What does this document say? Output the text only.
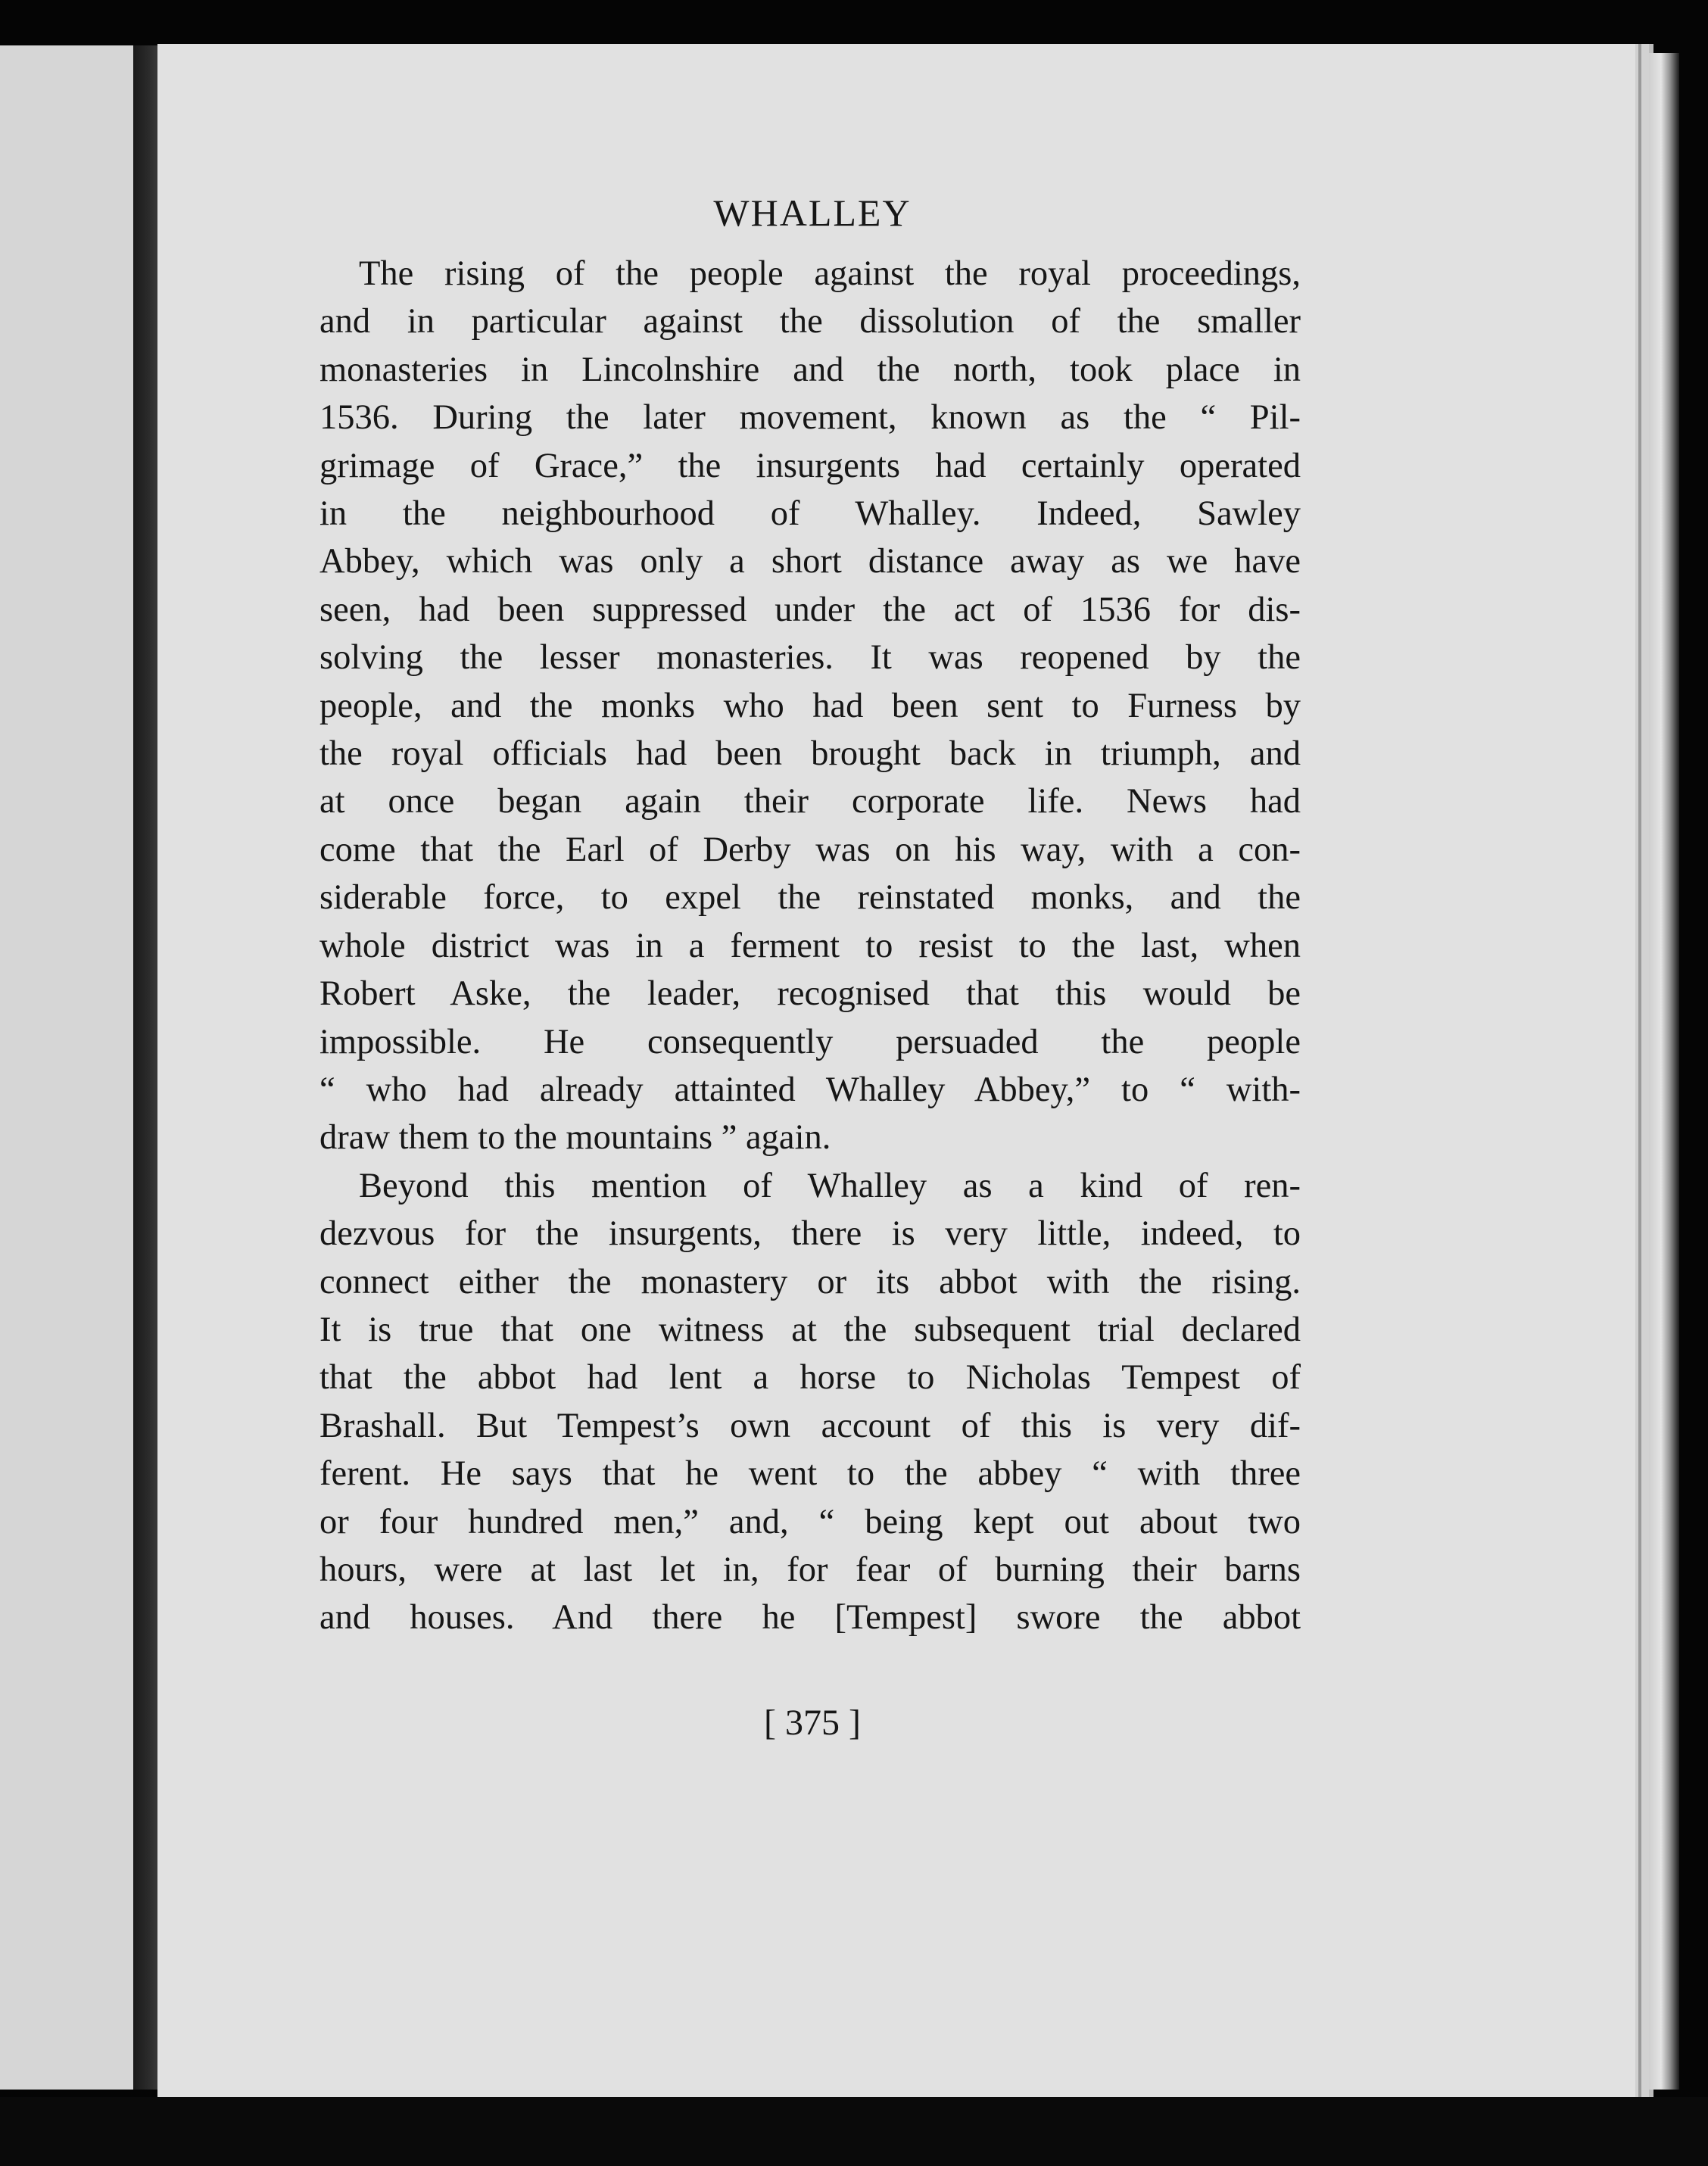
WHALLEY
The rising of the people against the royal proceedings,
and in particular against the dissolution of the smaller
monasteries in Lincolnshire and the north, took place in
1536. During the later movement, known as the “ Pil-
grimage of Grace,” the insurgents had certainly operated
in the neighbourhood of Whalley. Indeed, Sawley
Abbey, which was only a short distance away as we have
seen, had been suppressed under the act of 1536 for dis-
solving the lesser monasteries. It was reopened by the
people, and the monks who had been sent to Furness by
the royal officials had been brought back in triumph, and
at once began again their corporate life. News had
come that the Earl of Derby was on his way, with a con-
siderable force, to expel the reinstated monks, and the
whole district was in a ferment to resist to the last, when
Robert Aske, the leader, recognised that this would be
impossible. He consequently persuaded the people
“ who had already attainted Whalley Abbey,” to “ with-
draw them to the mountains ” again.
Beyond this mention of Whalley as a kind of ren-
dezvous for the insurgents, there is very little, indeed, to
connect either the monastery or its abbot with the rising.
It is true that one witness at the subsequent trial declared
that the abbot had lent a horse to Nicholas Tempest of
Brashall. But Tempest’s own account of this is very dif-
ferent. He says that he went to the abbey “ with three
or four hundred men,” and, “ being kept out about two
hours, were at last let in, for fear of burning their barns
and houses. And there he [Tempest] swore the abbot
[ 375 ]
